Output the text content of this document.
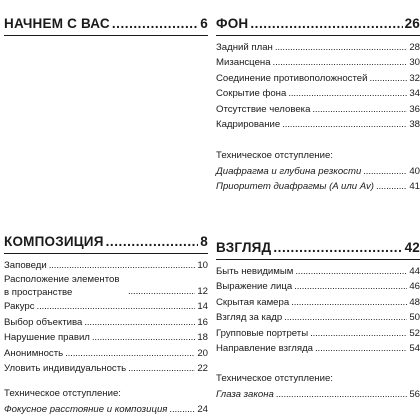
НАЧНЕМ С ВАС . . .	6
КОМПОЗИЦИЯ . . .	8
Заповеди . . .	10
Расположение элементов в пространстве . . .	12
Ракурс . . .	14
Выбор объектива . . .	16
Нарушение правил . . .	18
Анонимность . . .	20
Уловить индивидуальность . . .	22
Техническое отступление:
Фокусное расстояние и композиция . . .	24
ФОН . . .	26
Задний план . . .	28
Мизансцена . . .	30
Соединение противоположностей . . .	32
Сокрытие фона . . .	34
Отсутствие человека . . .	36
Кадрирование . . .	38
Техническое отступление:
Диафрагма и глубина резкости . . .	40
Приоритет диафрагмы (A или Av) . . .	41
ВЗГЛЯД . . .	42
Быть невидимым . . .	44
Выражение лица . . .	46
Скрытая камера . . .	48
Взгляд за кадр . . .	50
Групповые портреты . . .	52
Направление взгляда . . .	54
Техническое отступление:
Глаза закона . . .	56
